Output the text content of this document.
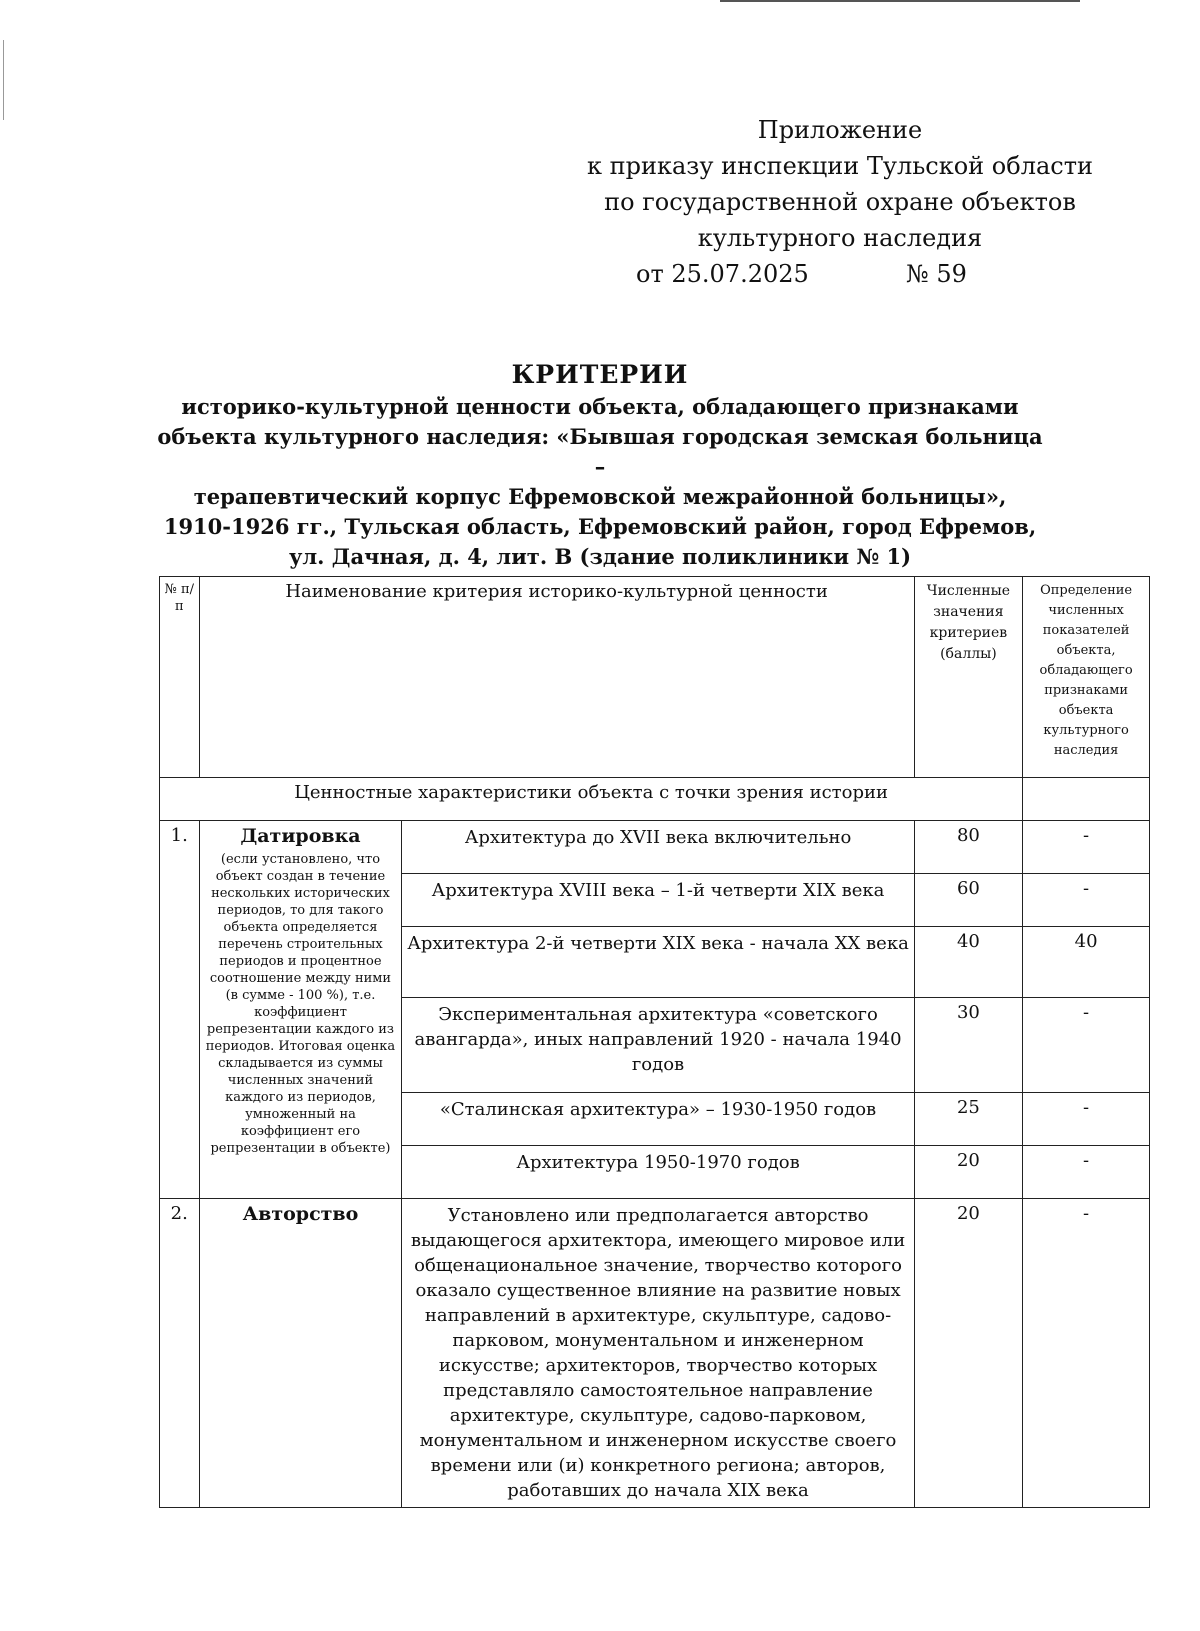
Приложение
к приказу инспекции Тульской области
по государственной охране объектов
культурного наследия
от 25.07.2025	№ 59
КРИТЕРИИ
историко-культурной ценности объекта, обладающего признаками
объекта культурного наследия: «Бывшая городская земская больница –
терапевтический корпус Ефремовской межрайонной больницы»,
1910-1926 гг., Тульская область, Ефремовский район, город Ефремов,
ул. Дачная, д. 4, лит. В (здание поликлиники № 1)
№ п/п	Наименование критерия историко-культурной ценности		Численные значения критериев (баллы)	Определение численных показателей объекта, обладающего признаками объекта культурного наследия
Ценностные характеристики объекта с точки зрения истории				
1.	Датировка
(если установлено, что объект создан в течение нескольких исторических периодов, то для такого объекта определяется перечень строительных периодов и процентное соотношение между ними (в сумме - 100 %), т.е. коэффициент репрезентации каждого из периодов. Итоговая оценка складывается из суммы численных значений каждого из периодов, умноженный на коэффициент его репрезентации в объекте)	Архитектура до XVII века включительно	80	-
		Архитектура XVIII века – 1-й четверти XIX века	60	-
		Архитектура 2-й четверти XIX века - начала XX века	40	40
		Экспериментальная архитектура «советского авангарда», иных направлений 1920 - начала 1940 годов	30	-
		«Сталинская архитектура» – 1930-1950 годов	25	-
		Архитектура 1950-1970 годов	20	-
2.	Авторство	Установлено или предполагается авторство выдающегося архитектора, имеющего мировое или общенациональное значение, творчество которого оказало существенное влияние на развитие новых направлений в архитектуре, скульптуре, садово-парковом, монументальном и инженерном искусстве; архитекторов, творчество которых представляло самостоятельное направление архитектуре, скульптуре, садово-парковом, монументальном и инженерном искусстве своего времени или (и) конкретного региона; авторов, работавших до начала XIX века	20	-
